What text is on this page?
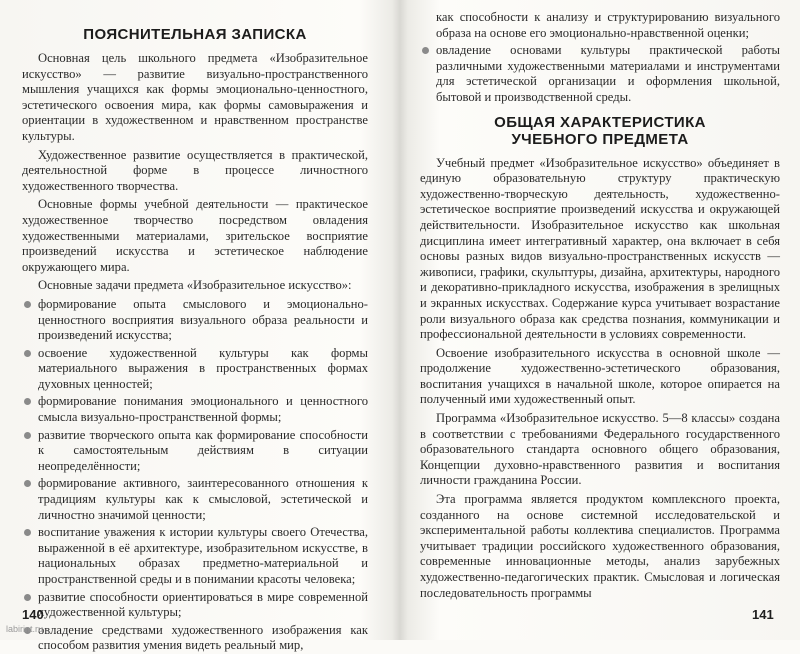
ПОЯСНИТЕЛЬНАЯ ЗАПИСКА

Основная цель школьного предмета «Изобразительное искусство» — развитие визуально-пространственного мышления учащихся как формы эмоционально-ценностного, эстетического освоения мира, как формы самовыражения и ориентации в художественном и нравственном пространстве культуры.

Художественное развитие осуществляется в практической, деятельностной форме в процессе личностного художественного творчества.

Основные формы учебной деятельности — практическое художественное творчество посредством овладения художественными материалами, зрительское восприятие произведений искусства и эстетическое наблюдение окружающего мира.

Основные задачи предмета «Изобразительное искусство»:

формирование опыта смыслового и эмоционально-ценностного восприятия визуального образа реальности и произведений искусства;
освоение художественной культуры как формы материального выражения в пространственных формах духовных ценностей;
формирование понимания эмоционального и ценностного смысла визуально-пространственной формы;
развитие творческого опыта как формирование способности к самостоятельным действиям в ситуации неопределённости;
формирование активного, заинтересованного отношения к традициям культуры как к смысловой, эстетической и личностно значимой ценности;
воспитание уважения к истории культуры своего Отечества, выраженной в её архитектуре, изобразительном искусстве, в национальных образах предметно-материальной и пространственной среды и в понимании красоты человека;
развитие способности ориентироваться в мире современной художественной культуры;
овладение средствами художественного изображения как способом развития умения видеть реальный мир,
140
как способности к анализу и структурированию визуального образа на основе его эмоционально-нравственной оценки;
овладение основами культуры практической работы различными художественными материалами и инструментами для эстетической организации и оформления школьной, бытовой и производственной среды.
ОБЩАЯ ХАРАКТЕРИСТИКА
УЧЕБНОГО ПРЕДМЕТА

Учебный предмет «Изобразительное искусство» объединяет в единую образовательную структуру практическую художественно-творческую деятельность, художественно-эстетическое восприятие произведений искусства и окружающей действительности. Изобразительное искусство как школьная дисциплина имеет интегративный характер, она включает в себя основы разных видов визуально-пространственных искусств — живописи, графики, скульптуры, дизайна, архитектуры, народного и декоративно-прикладного искусства, изображения в зрелищных и экранных искусствах. Содержание курса учитывает возрастание роли визуального образа как средства познания, коммуникации и профессиональной деятельности в условиях современности.

Освоение изобразительного искусства в основной школе — продолжение художественно-эстетического образования, воспитания учащихся в начальной школе, которое опирается на полученный ими художественный опыт.

Программа «Изобразительное искусство. 5—8 классы» создана в соответствии с требованиями Федерального государственного образовательного стандарта основного общего образования, Концепции духовно-нравственного развития и воспитания личности гражданина России.

Эта программа является продуктом комплексного проекта, созданного на основе системной исследовательской и экспериментальной работы коллектива специалистов. Программа учитывает традиции российского художественного образования, современные инновационные методы, анализ зарубежных художественно-педагогических практик. Смысловая и логическая последовательность программы

141
labirint.ru
